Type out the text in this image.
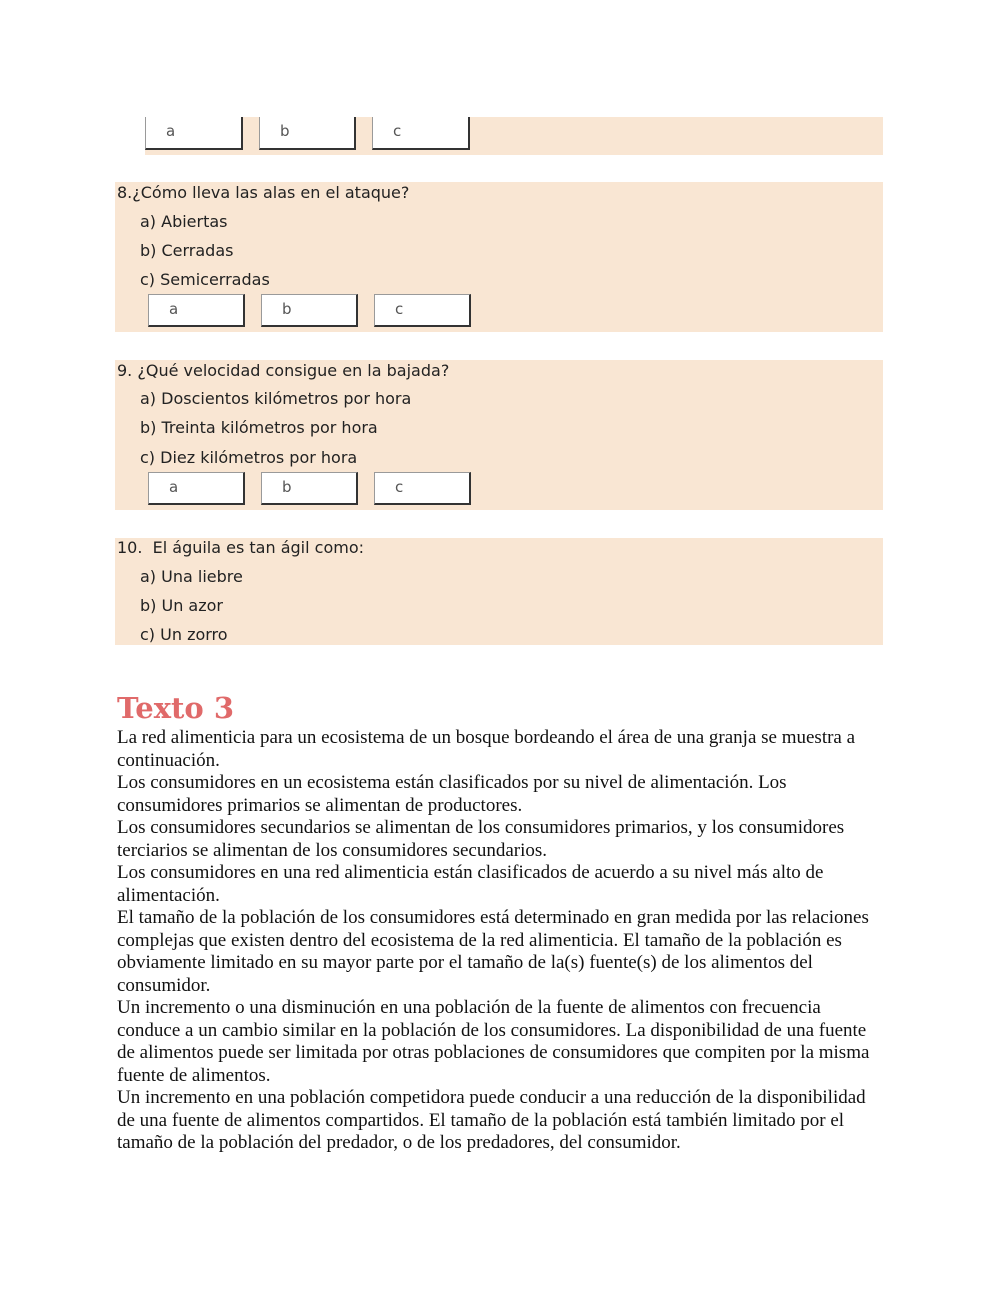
a	b	c
8.¿Cómo lleva las alas en el ataque?
a) Abiertas
b) Cerradas
c) Semicerradas
a	b	c
9. ¿Qué velocidad consigue en la bajada?
a) Doscientos kilómetros por hora
b) Treinta kilómetros por hora
c) Diez kilómetros por hora
a	b	c
10.  El águila es tan ágil como:
a) Una liebre
b) Un azor
c) Un zorro
Texto 3

La red alimenticia para un ecosistema de un bosque bordeando el área de una granja se muestra a continuación.

Los consumidores en un ecosistema están clasificados por su nivel de alimentación. Los consumidores primarios se alimentan de productores.

Los consumidores secundarios se alimentan de los consumidores primarios, y los consumidores terciarios se alimentan de los consumidores secundarios.

Los consumidores en una red alimenticia están clasificados de acuerdo a su nivel más alto de alimentación.

El tamaño de la población de los consumidores está determinado en gran medida por las relaciones complejas que existen dentro del ecosistema de la red alimenticia. El tamaño de la población es obviamente limitado en su mayor parte por el tamaño de la(s) fuente(s) de los alimentos del consumidor.

Un incremento o una disminución en una población de la fuente de alimentos con frecuencia conduce a un cambio similar en la población de los consumidores. La disponibilidad de una fuente de alimentos puede ser limitada por otras poblaciones de consumidores que compiten por la misma fuente de alimentos.

Un incremento en una población competidora puede conducir a una reducción de la disponibilidad de una fuente de alimentos compartidos. El tamaño de la población está también limitado por el tamaño de la población del predador, o de los predadores, del consumidor.
